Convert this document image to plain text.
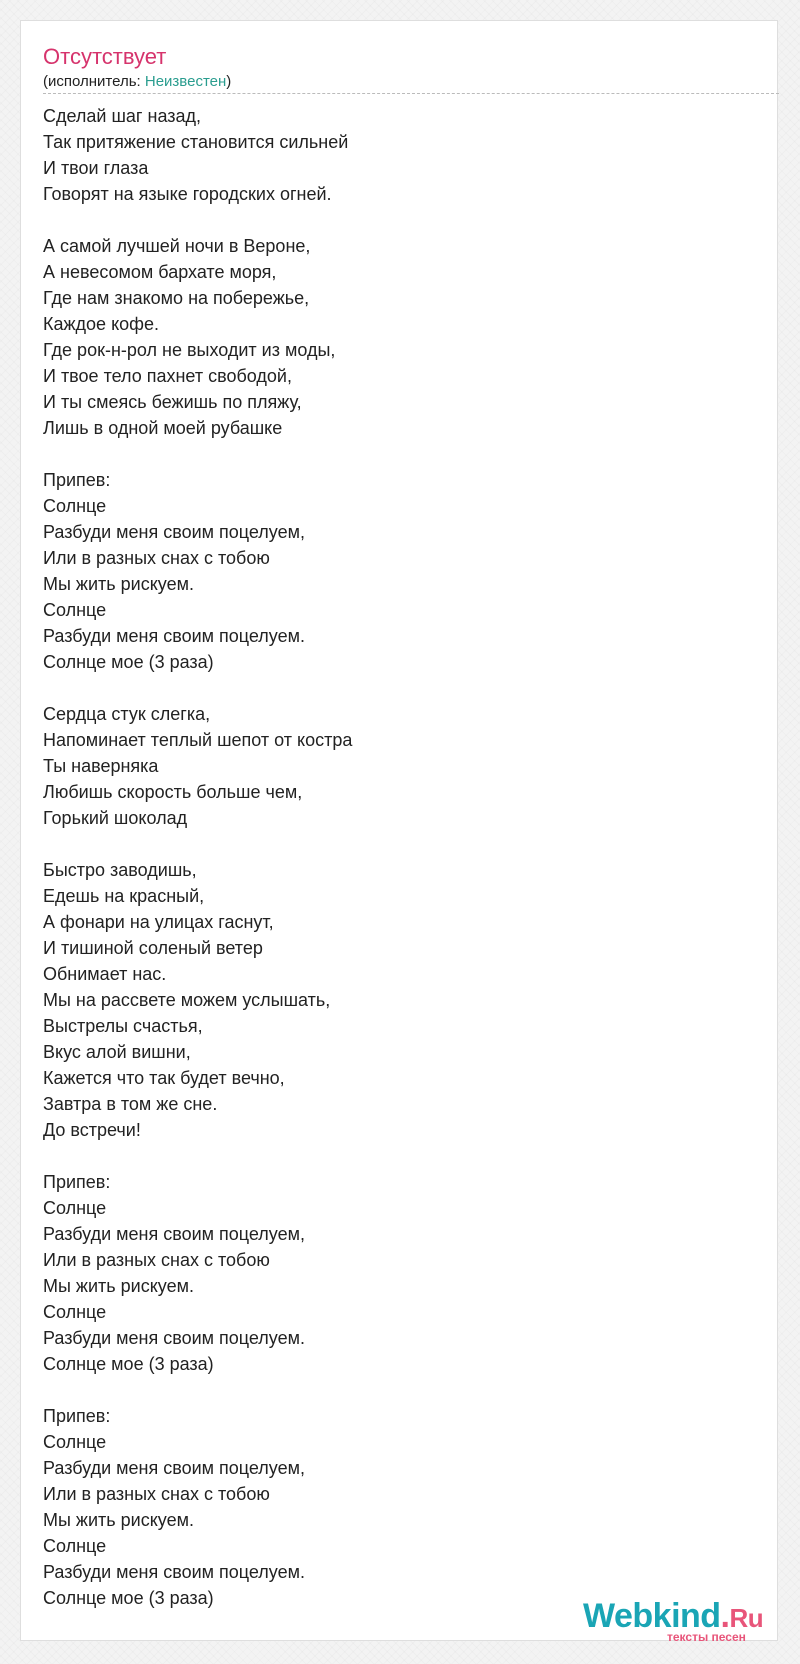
Отсутствует
(исполнитель: Неизвестен)
Сделай шаг назад,
Так притяжение становится сильней
И твои глаза
Говорят на языке городских огней.
А самой лучшей ночи в Вероне,
А невесомом бархате моря,
Где нам знакомо на побережье,
Каждое кофе.
Где рок-н-рол не выходит из моды,
И твое тело пахнет свободой,
И ты смеясь бежишь по пляжу,
Лишь в одной моей рубашке
Припев:
Солнце
Разбуди меня своим поцелуем,
Или в разных снах с тобою
Мы жить рискуем.
Солнце
Разбуди меня своим поцелуем.
Солнце мое (3 раза)
Сердца стук слегка,
Напоминает теплый шепот от костра
Ты наверняка
Любишь скорость больше чем,
Горький шоколад
Быстро заводишь,
Едешь на красный,
А фонари на улицах гаснут,
И тишиной соленый ветер
Обнимает нас.
Мы на рассвете можем услышать,
Выстрелы счастья,
Вкус алой вишни,
Кажется что так будет вечно,
Завтра в том же сне.
До встречи!
Припев:
Солнце
Разбуди меня своим поцелуем,
Или в разных снах с тобою
Мы жить рискуем.
Солнце
Разбуди меня своим поцелуем.
Солнце мое (3 раза)
Припев:
Солнце
Разбуди меня своим поцелуем,
Или в разных снах с тобою
Мы жить рискуем.
Солнце
Разбуди меня своим поцелуем.
Солнце мое (3 раза)	Webkind.Ru
тексты песен
